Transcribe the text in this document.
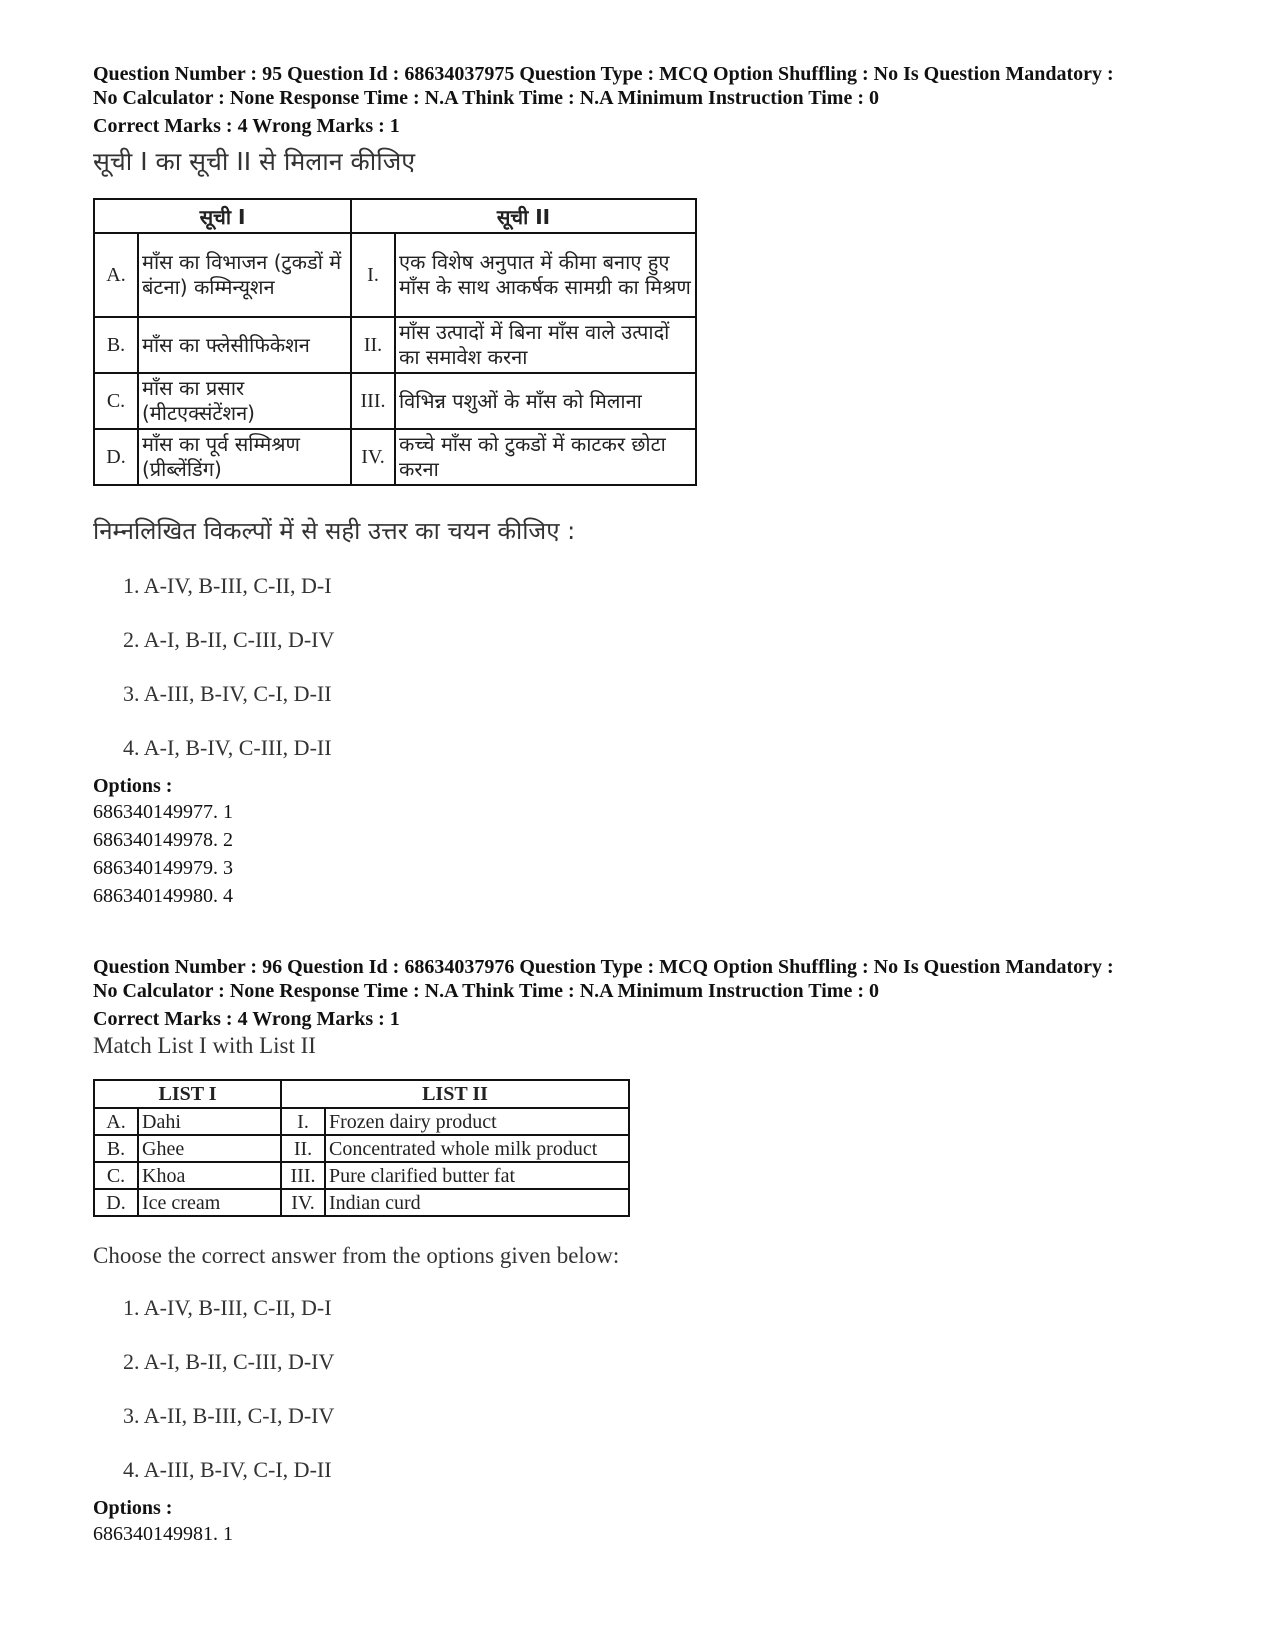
Question Number : 95 Question Id : 68634037975 Question Type : MCQ Option Shuffling : No Is Question Mandatory :

No Calculator : None Response Time : N.A Think Time : N.A Minimum Instruction Time : 0

Correct Marks : 4 Wrong Marks : 1

सूची I का सूची II से मिलान कीजिए
सूची I		सूची II	
A.	माँस का विभाजन (टुकडों में बंटना) कम्मिन्यूशन	I.	एक विशेष अनुपात में कीमा बनाए हुए माँस के साथ आकर्षक सामग्री का मिश्रण
B.	माँस का फ्लेसीफिकेशन	II.	माँस उत्पादों में बिना माँस वाले उत्पादों का समावेश करना
C.	माँस का प्रसार (मीटएक्संटेंशन)	III.	विभिन्न पशुओं के माँस को मिलाना
D.	माँस का पूर्व सम्मिश्रण (प्रीब्लेंडिंग)	IV.	कच्चे माँस को टुकडों में काटकर छोटा करना
निम्नलिखित विकल्पों में से सही उत्तर का चयन कीजिए :
1. A-IV, B-III, C-II, D-I
2. A-I, B-II, C-III, D-IV
3. A-III, B-IV, C-I, D-II
4. A-I, B-IV, C-III, D-II
Options :
686340149977. 1
686340149978. 2
686340149979. 3
686340149980. 4

Question Number : 96 Question Id : 68634037976 Question Type : MCQ Option Shuffling : No Is Question Mandatory :

No Calculator : None Response Time : N.A Think Time : N.A Minimum Instruction Time : 0

Correct Marks : 4 Wrong Marks : 1

Match List I with List II
LIST I		LIST II	
A.	Dahi	I.	Frozen dairy product
B.	Ghee	II.	Concentrated whole milk product
C.	Khoa	III.	Pure clarified butter fat
D.	Ice cream	IV.	Indian curd
Choose the correct answer from the options given below:
1. A-IV, B-III, C-II, D-I
2. A-I, B-II, C-III, D-IV
3. A-II, B-III, C-I, D-IV
4. A-III, B-IV, C-I, D-II
Options :
686340149981. 1
